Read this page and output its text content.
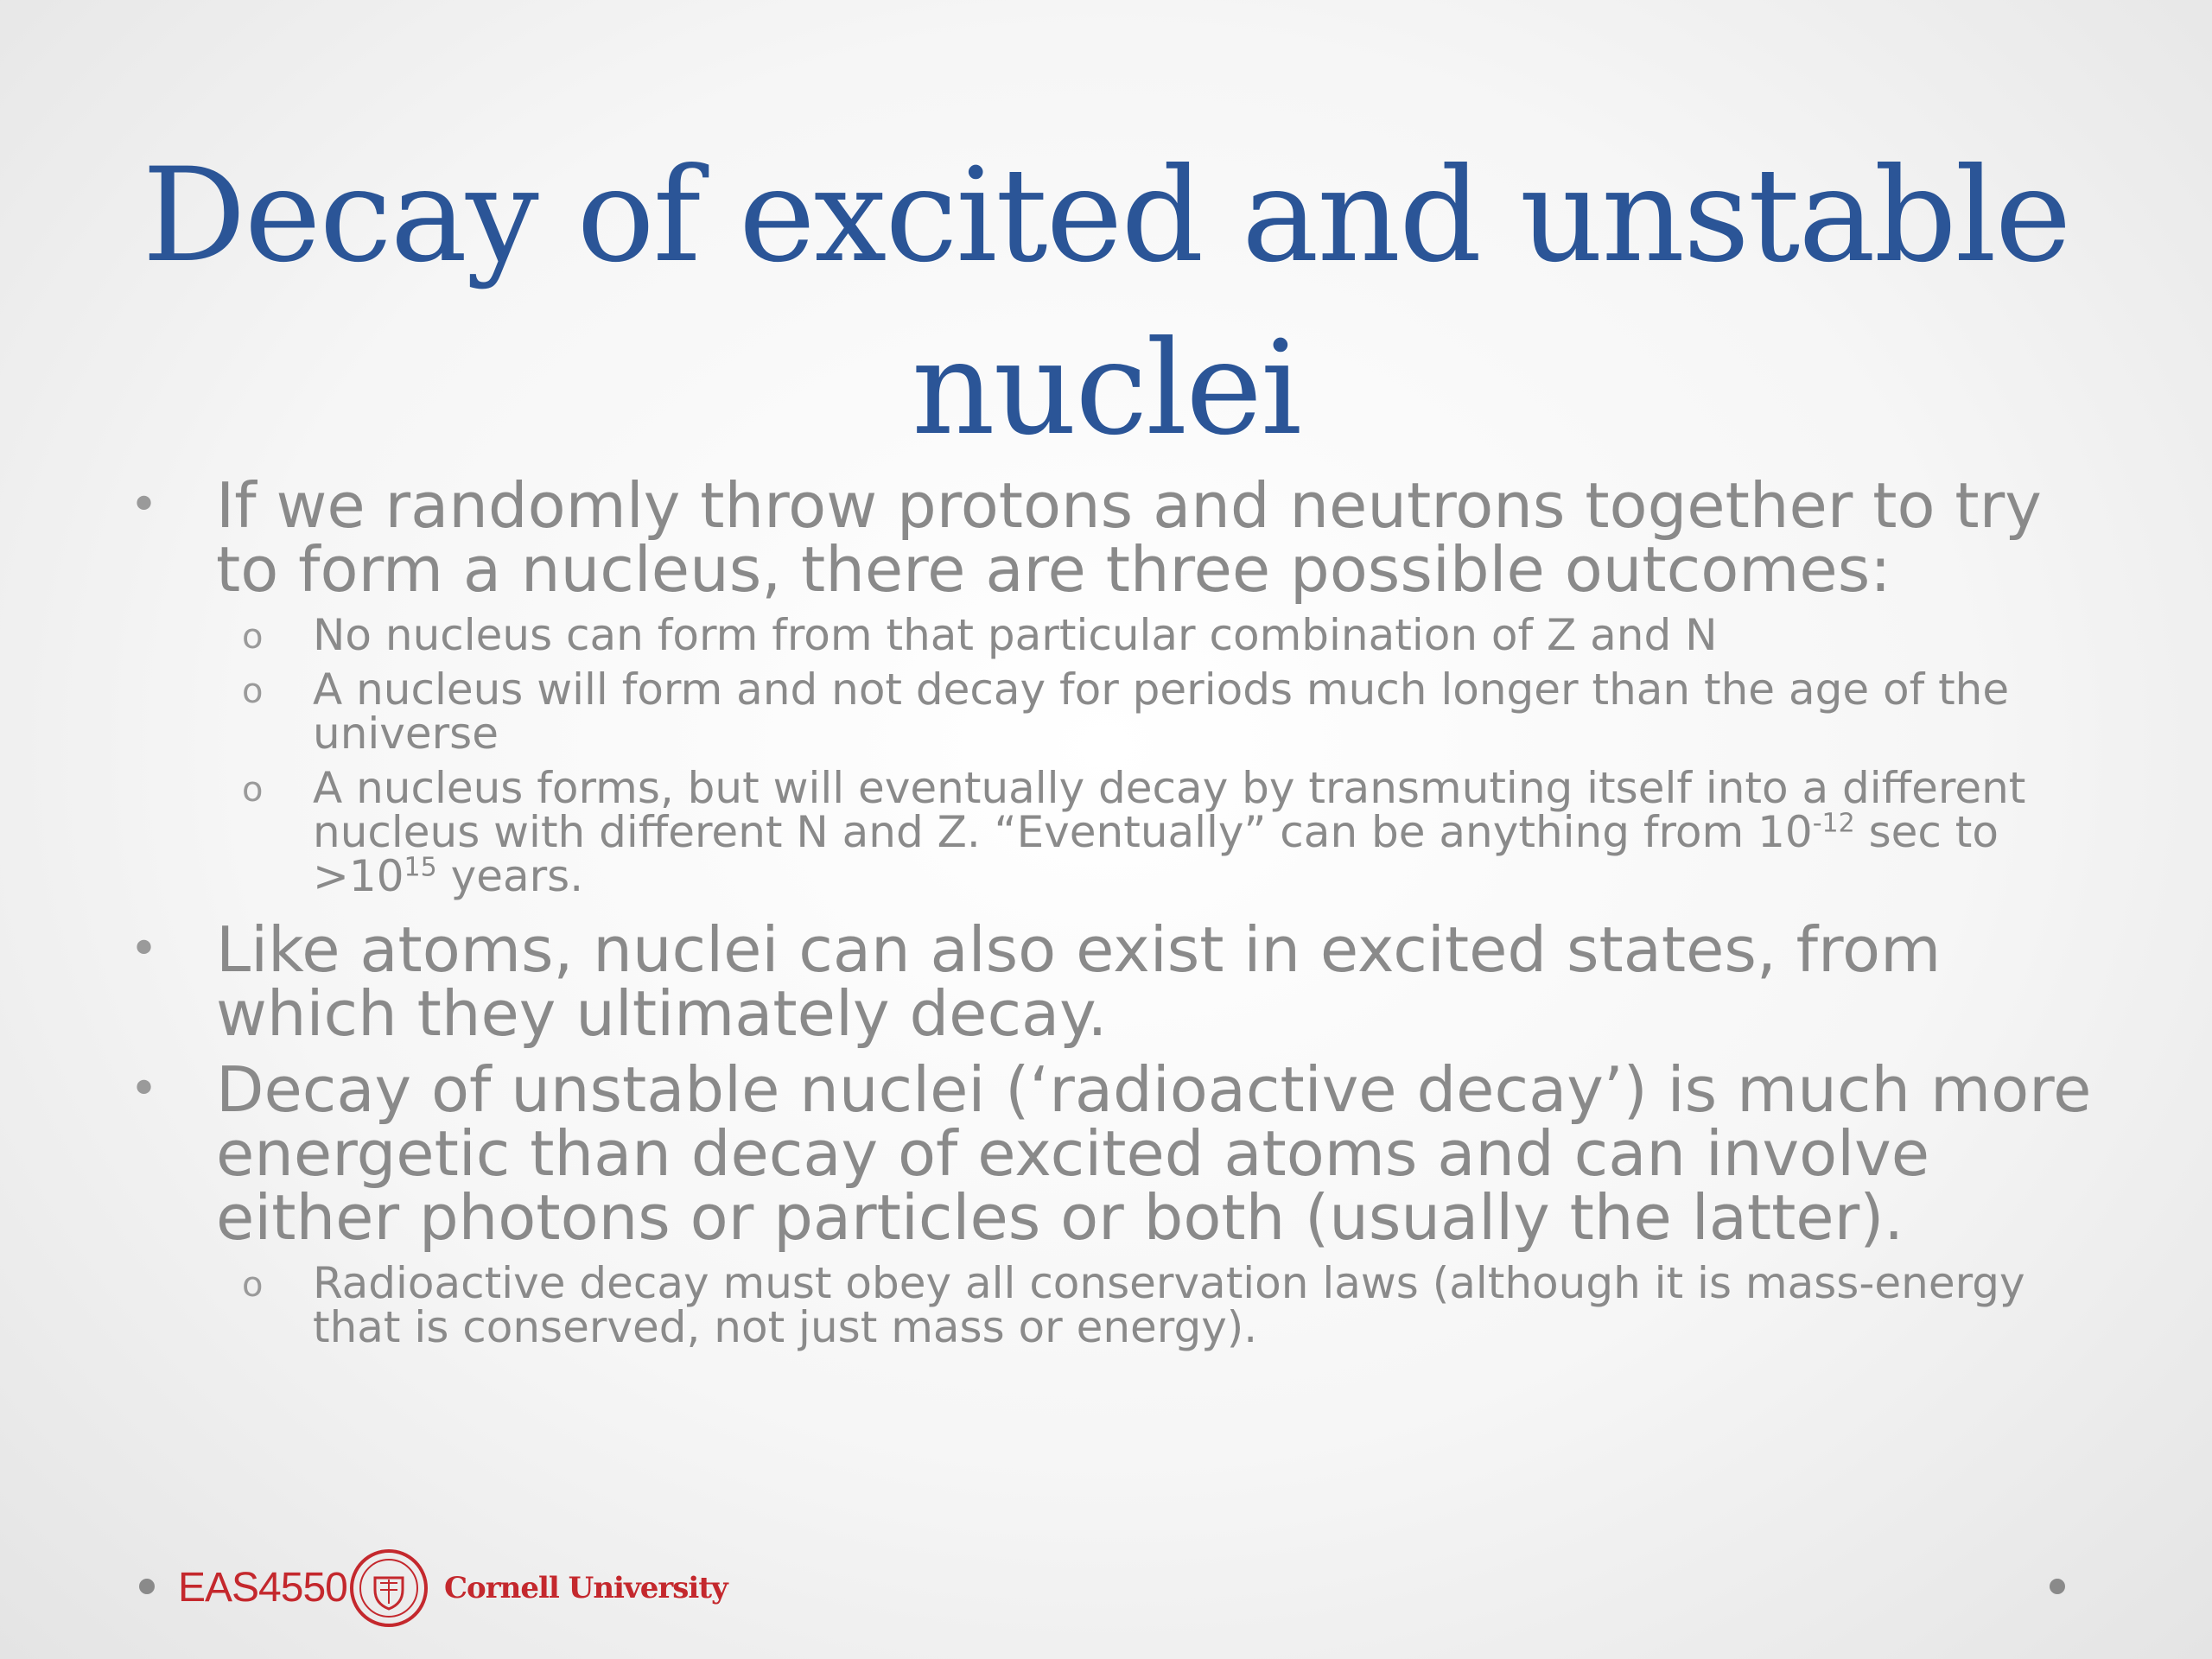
Decay of excited and unstable nuclei
• If we randomly throw protons and neutrons together to try to form a nucleus, there are three possible outcomes:
o No nucleus can form from that particular combination of Z and N
o A nucleus will form and not decay for periods much longer than the age of the universe
o A nucleus forms, but will eventually decay by transmuting itself into a different nucleus with different N and Z. “Eventually” can be anything from $10^{-12}$ sec to $>10^{15}$ years.
• Like atoms, nuclei can also exist in excited states, from which they ultimately decay.
• Decay of unstable nuclei (‘radioactive decay’) is much more energetic than decay of excited atoms and can involve either photons or particles or both (usually the latter).
o Radioactive decay must obey all conservation laws (although it is mass-energy that is conserved, not just mass or energy).
EAS4550	Cornell University
